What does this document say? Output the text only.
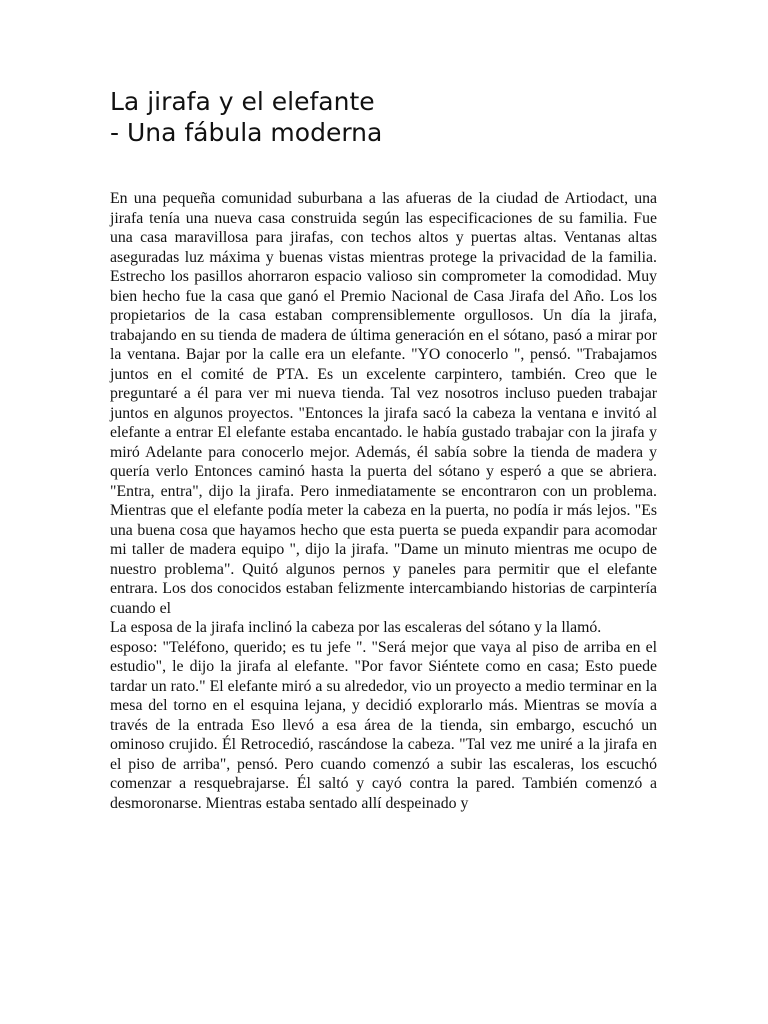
La jirafa y el elefante
- Una fábula moderna

En una pequeña comunidad suburbana a las afueras de la ciudad de Artiodact, una jirafa tenía una nueva casa construida según las especificaciones de su familia. Fue una casa maravillosa para jirafas, con techos altos y puertas altas. Ventanas altas aseguradas luz máxima y buenas vistas mientras protege la privacidad de la familia. Estrecho los pasillos ahorraron espacio valioso sin comprometer la comodidad. Muy bien hecho fue la casa que ganó el Premio Nacional de Casa Jirafa del Año. Los los propietarios de la casa estaban comprensiblemente orgullosos. Un día la jirafa, trabajando en su tienda de madera de última generación en el sótano, pasó a mirar por la ventana. Bajar por la calle era un elefante. "YO conocerlo ", pensó. "Trabajamos juntos en el comité de PTA. Es un excelente carpintero, también. Creo que le preguntaré a él para ver mi nueva tienda. Tal vez nosotros incluso pueden trabajar juntos en algunos proyectos. "Entonces la jirafa sacó la cabeza la ventana e invitó al elefante a entrar El elefante estaba encantado. le había gustado trabajar con la jirafa y miró Adelante para conocerlo mejor. Además, él sabía sobre la tienda de madera y quería verlo Entonces caminó hasta la puerta del sótano y esperó a que se abriera. "Entra, entra", dijo la jirafa. Pero inmediatamente se encontraron con un problema. Mientras que el elefante podía meter la cabeza en la puerta, no podía ir más lejos. "Es una buena cosa que hayamos hecho que esta puerta se pueda expandir para acomodar mi taller de madera equipo ", dijo la jirafa. "Dame un minuto mientras me ocupo de nuestro problema". Quitó algunos pernos y paneles para permitir que el elefante entrara. Los dos conocidos estaban felizmente intercambiando historias de carpintería cuando el

La esposa de la jirafa inclinó la cabeza por las escaleras del sótano y la llamó.

esposo: "Teléfono, querido; es tu jefe ". "Será mejor que vaya al piso de arriba en el estudio", le dijo la jirafa al elefante. "Por favor Siéntete como en casa; Esto puede tardar un rato." El elefante miró a su alrededor, vio un proyecto a medio terminar en la mesa del torno en el esquina lejana, y decidió explorarlo más. Mientras se movía a través de la entrada Eso llevó a esa área de la tienda, sin embargo, escuchó un ominoso crujido. Él Retrocedió, rascándose la cabeza. "Tal vez me uniré a la jirafa en el piso de arriba", pensó. Pero cuando comenzó a subir las escaleras, los escuchó comenzar a resquebrajarse. Él saltó y cayó contra la pared. También comenzó a desmoronarse. Mientras estaba sentado allí despeinado y
